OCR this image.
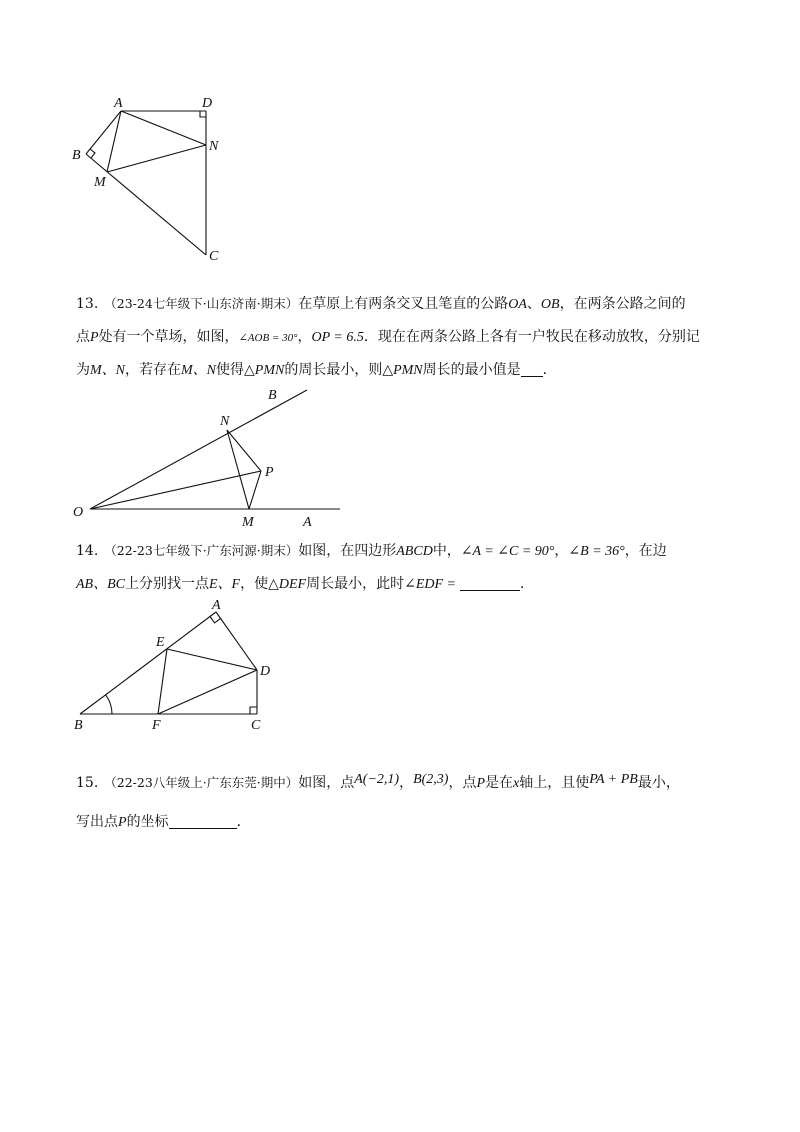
A	D
B
N
M
C
13. （23-24七年级下·山东济南·期末）在草原上有两条交叉且笔直的公路OA、OB，在两条公路之间的
点P处有一个草场，如图，∠AOB = 30°，OP = 6.5．现在在两条公路上各有一户牧民在移动放牧，分别记
为M、N，若存在M、N使得△PMN的周长最小，则△PMN周长的最小值是 ．
B
N
P
O
M	A
14. （22-23七年级下·广东河源·期末）如图，在四边形ABCD中，∠A = ∠C = 90°，∠B = 36°，在边
AB、BC上分别找一点E、F，使△DEF周长最小，此时∠EDF =	．
A
E
D
B	F	C
15. （22-23八年级上·广东东莞·期中）如图，点A(−2,1)，B(2,3)，点P是在x轴上，且使PA + PB最小，
写出点P的坐标	．
